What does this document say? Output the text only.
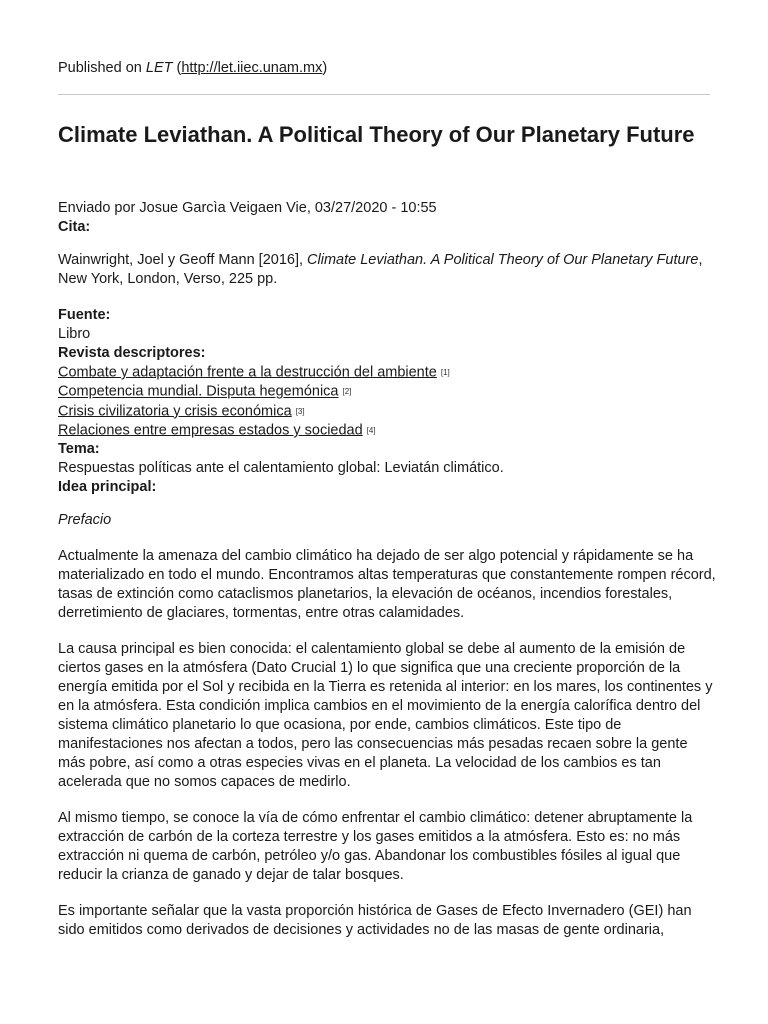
Published on LET (http://let.iiec.unam.mx)
Climate Leviathan. A Political Theory of Our Planetary Future
Enviado por Josue Garcìa Veigaen Vie, 03/27/2020 - 10:55
Cita:
Wainwright, Joel y Geoff Mann [2016], Climate Leviathan. A Political Theory of Our Planetary Future, New York, London, Verso, 225 pp.
Fuente:
Libro
Revista descriptores:
Combate y adaptación frente a la destrucción del ambiente [1]
Competencia mundial. Disputa hegemónica [2]
Crisis civilizatoria y crisis económica [3]
Relaciones entre empresas estados y sociedad [4]
Tema:
Respuestas políticas ante el calentamiento global: Leviatán climático.
Idea principal:

Prefacio

Actualmente la amenaza del cambio climático ha dejado de ser algo potencial y rápidamente se ha materializado en todo el mundo. Encontramos altas temperaturas que constantemente rompen récord, tasas de extinción como cataclismos planetarios, la elevación de océanos, incendios forestales, derretimiento de glaciares, tormentas, entre otras calamidades.

La causa principal es bien conocida: el calentamiento global se debe al aumento de la emisión de ciertos gases en la atmósfera (Dato Crucial 1) lo que significa que una creciente proporción de la energía emitida por el Sol y recibida en la Tierra es retenida al interior: en los mares, los continentes y en la atmósfera. Esta condición implica cambios en el movimiento de la energía calorífica dentro del sistema climático planetario lo que ocasiona, por ende, cambios climáticos. Este tipo de manifestaciones nos afectan a todos, pero las consecuencias más pesadas recaen sobre la gente más pobre, así como a otras especies vivas en el planeta. La velocidad de los cambios es tan acelerada que no somos capaces de medirlo.

Al mismo tiempo, se conoce la vía de cómo enfrentar el cambio climático: detener abruptamente la extracción de carbón de la corteza terrestre y los gases emitidos a la atmósfera. Esto es: no más extracción ni quema de carbón, petróleo y/o gas. Abandonar los combustibles fósiles al igual que reducir la crianza de ganado y dejar de talar bosques.

Es importante señalar que la vasta proporción histórica de Gases de Efecto Invernadero (GEI) han sido emitidos como derivados de decisiones y actividades no de las masas de gente ordinaria,
